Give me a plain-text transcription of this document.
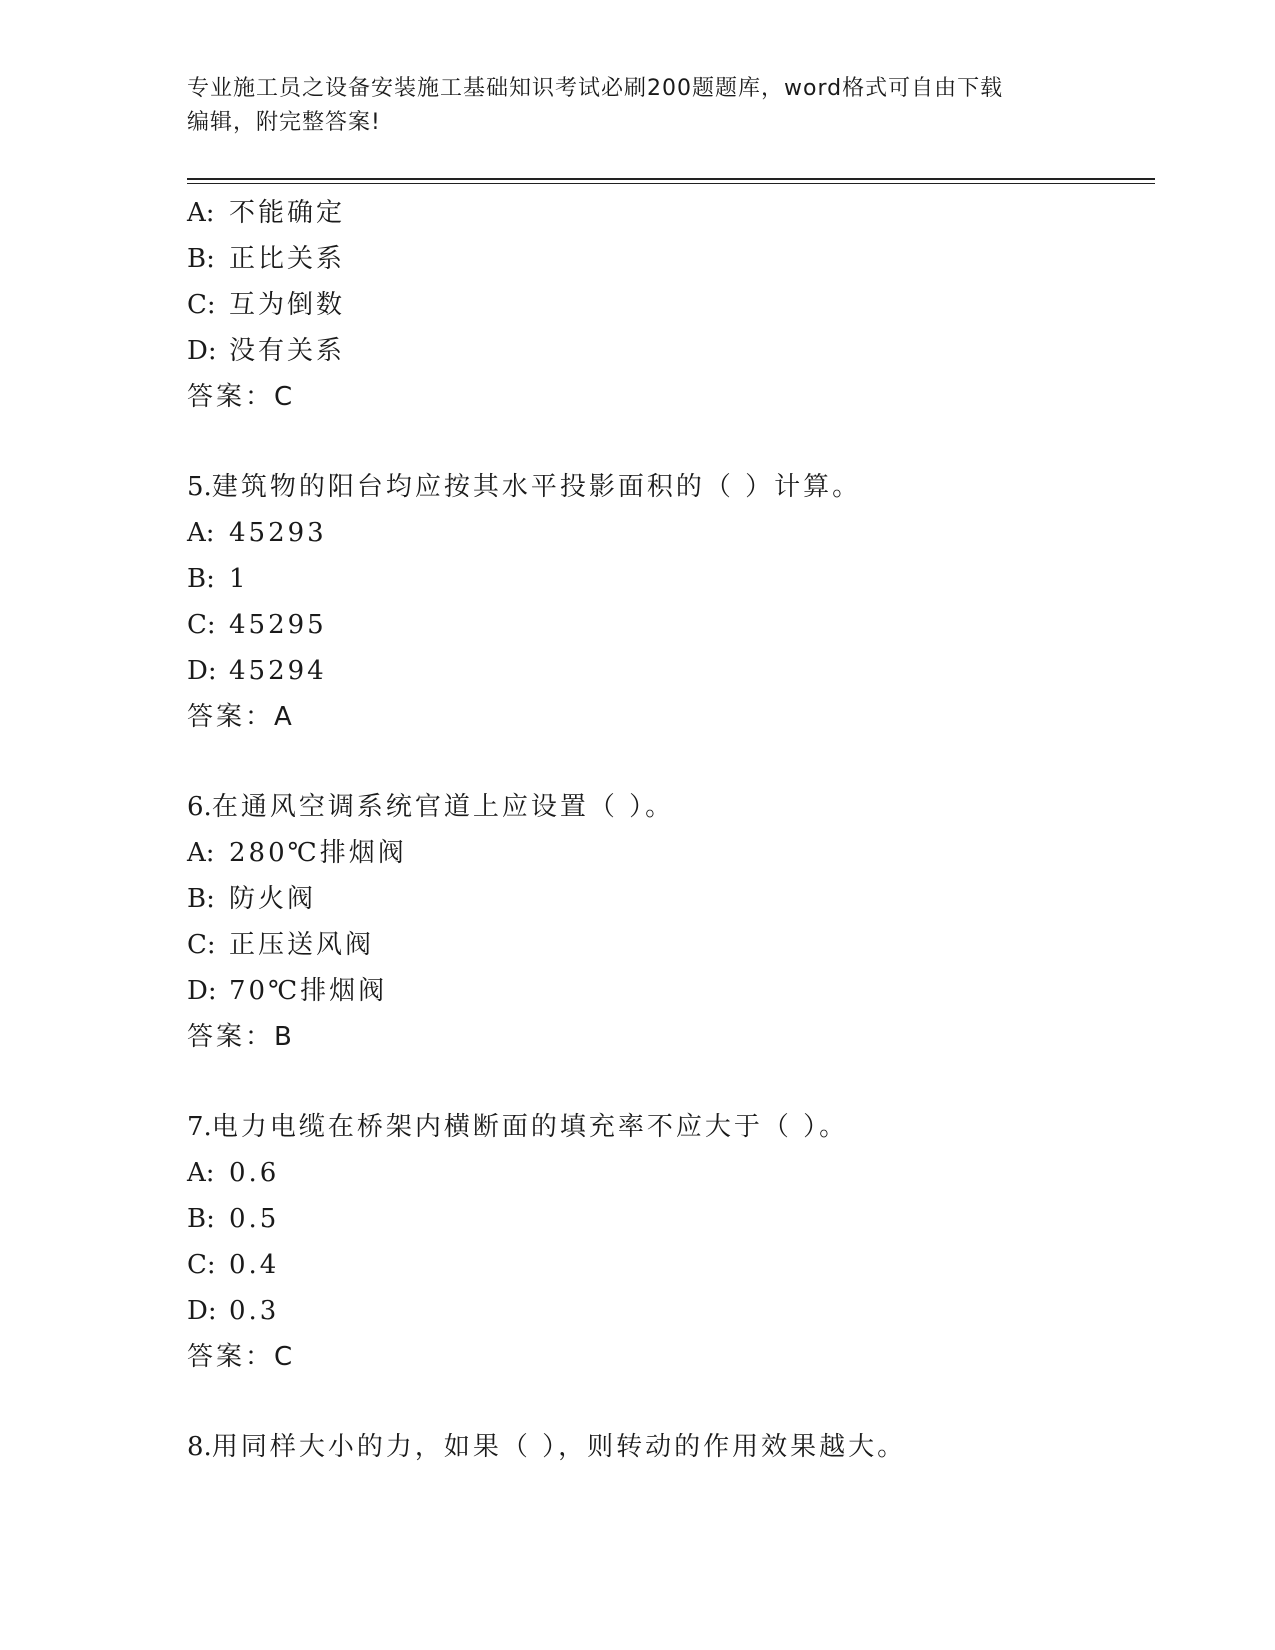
专业施工员之设备安装施工基础知识考试必刷200题题库，word格式可自由下载
编辑，附完整答案!
A: 不能确定
B: 正比关系
C: 互为倒数
D: 没有关系
答案：C
5.建筑物的阳台均应按其水平投影面积的（ ）计算。
A: 45293
B: 1
C: 45295
D: 45294
答案：A
6.在通风空调系统官道上应设置（ ）。
A: 280℃排烟阀
B: 防火阀
C: 正压送风阀
D: 70℃排烟阀
答案：B
7.电力电缆在桥架内横断面的填充率不应大于（ ）。
A: 0.6
B: 0.5
C: 0.4
D: 0.3
答案：C
8.用同样大小的力，如果（ ），则转动的作用效果越大。
